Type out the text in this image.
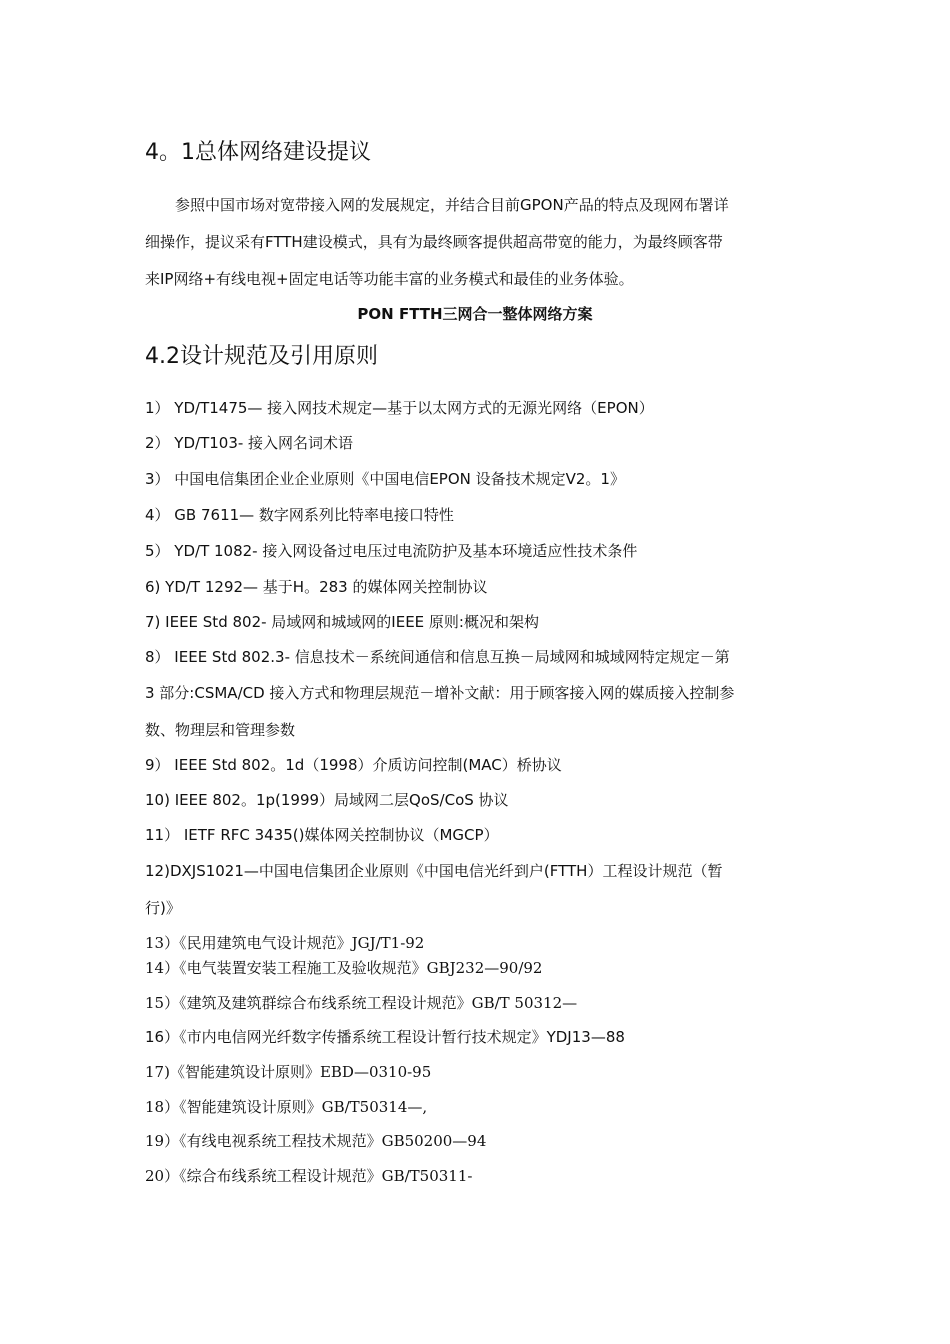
4。1总体网络建设提议
　　参照中国市场对宽带接入网的发展规定，并结合目前GPON产品的特点及现网布署详
细操作，提议采有FTTH建设模式，具有为最终顾客提供超高带宽的能力，为最终顾客带
来IP网络+有线电视+固定电话等功能丰富的业务模式和最佳的业务体验。
PON FTTH三网合一整体网络方案
4.2设计规范及引用原则
1） YD/T1475— 接入网技术规定—基于以太网方式的无源光网络（EPON）
2） YD/T103- 接入网名词术语
3） 中国电信集团企业企业原则《中国电信EPON 设备技术规定V2。1》
4） GB 7611— 数字网系列比特率电接口特性
5） YD/T 1082- 接入网设备过电压过电流防护及基本环境适应性技术条件
6) YD/T 1292— 基于H。283 的媒体网关控制协议
7) IEEE Std 802- 局域网和城域网的IEEE 原则:概况和架构
8） IEEE Std 802.3- 信息技术－系统间通信和信息互换－局域网和城域网特定规定－第
3 部分:CSMA/CD 接入方式和物理层规范－增补文献：用于顾客接入网的媒质接入控制参
数、物理层和管理参数
9） IEEE Std 802。1d（1998）介质访问控制(MAC）桥协议
10) IEEE 802。1p(1999）局域网二层QoS/CoS 协议
11） IETF RFC 3435()媒体网关控制协议（MGCP）
12)DXJS1021—中国电信集团企业原则《中国电信光纤到户(FTTH）工程设计规范（暂
行)》
13）《民用建筑电气设计规范》JGJ/T1-92
14）《电气装置安装工程施工及验收规范》GBJ232—90/92
15）《建筑及建筑群综合布线系统工程设计规范》GB/T 50312—
16）《市内电信网光纤数字传播系统工程设计暂行技术规定》YDJ13—88
17)《智能建筑设计原则》EBD—0310-95
18）《智能建筑设计原则》GB/T50314—,
19）《有线电视系统工程技术规范》GB50200—94
20）《综合布线系统工程设计规范》GB/T50311-
